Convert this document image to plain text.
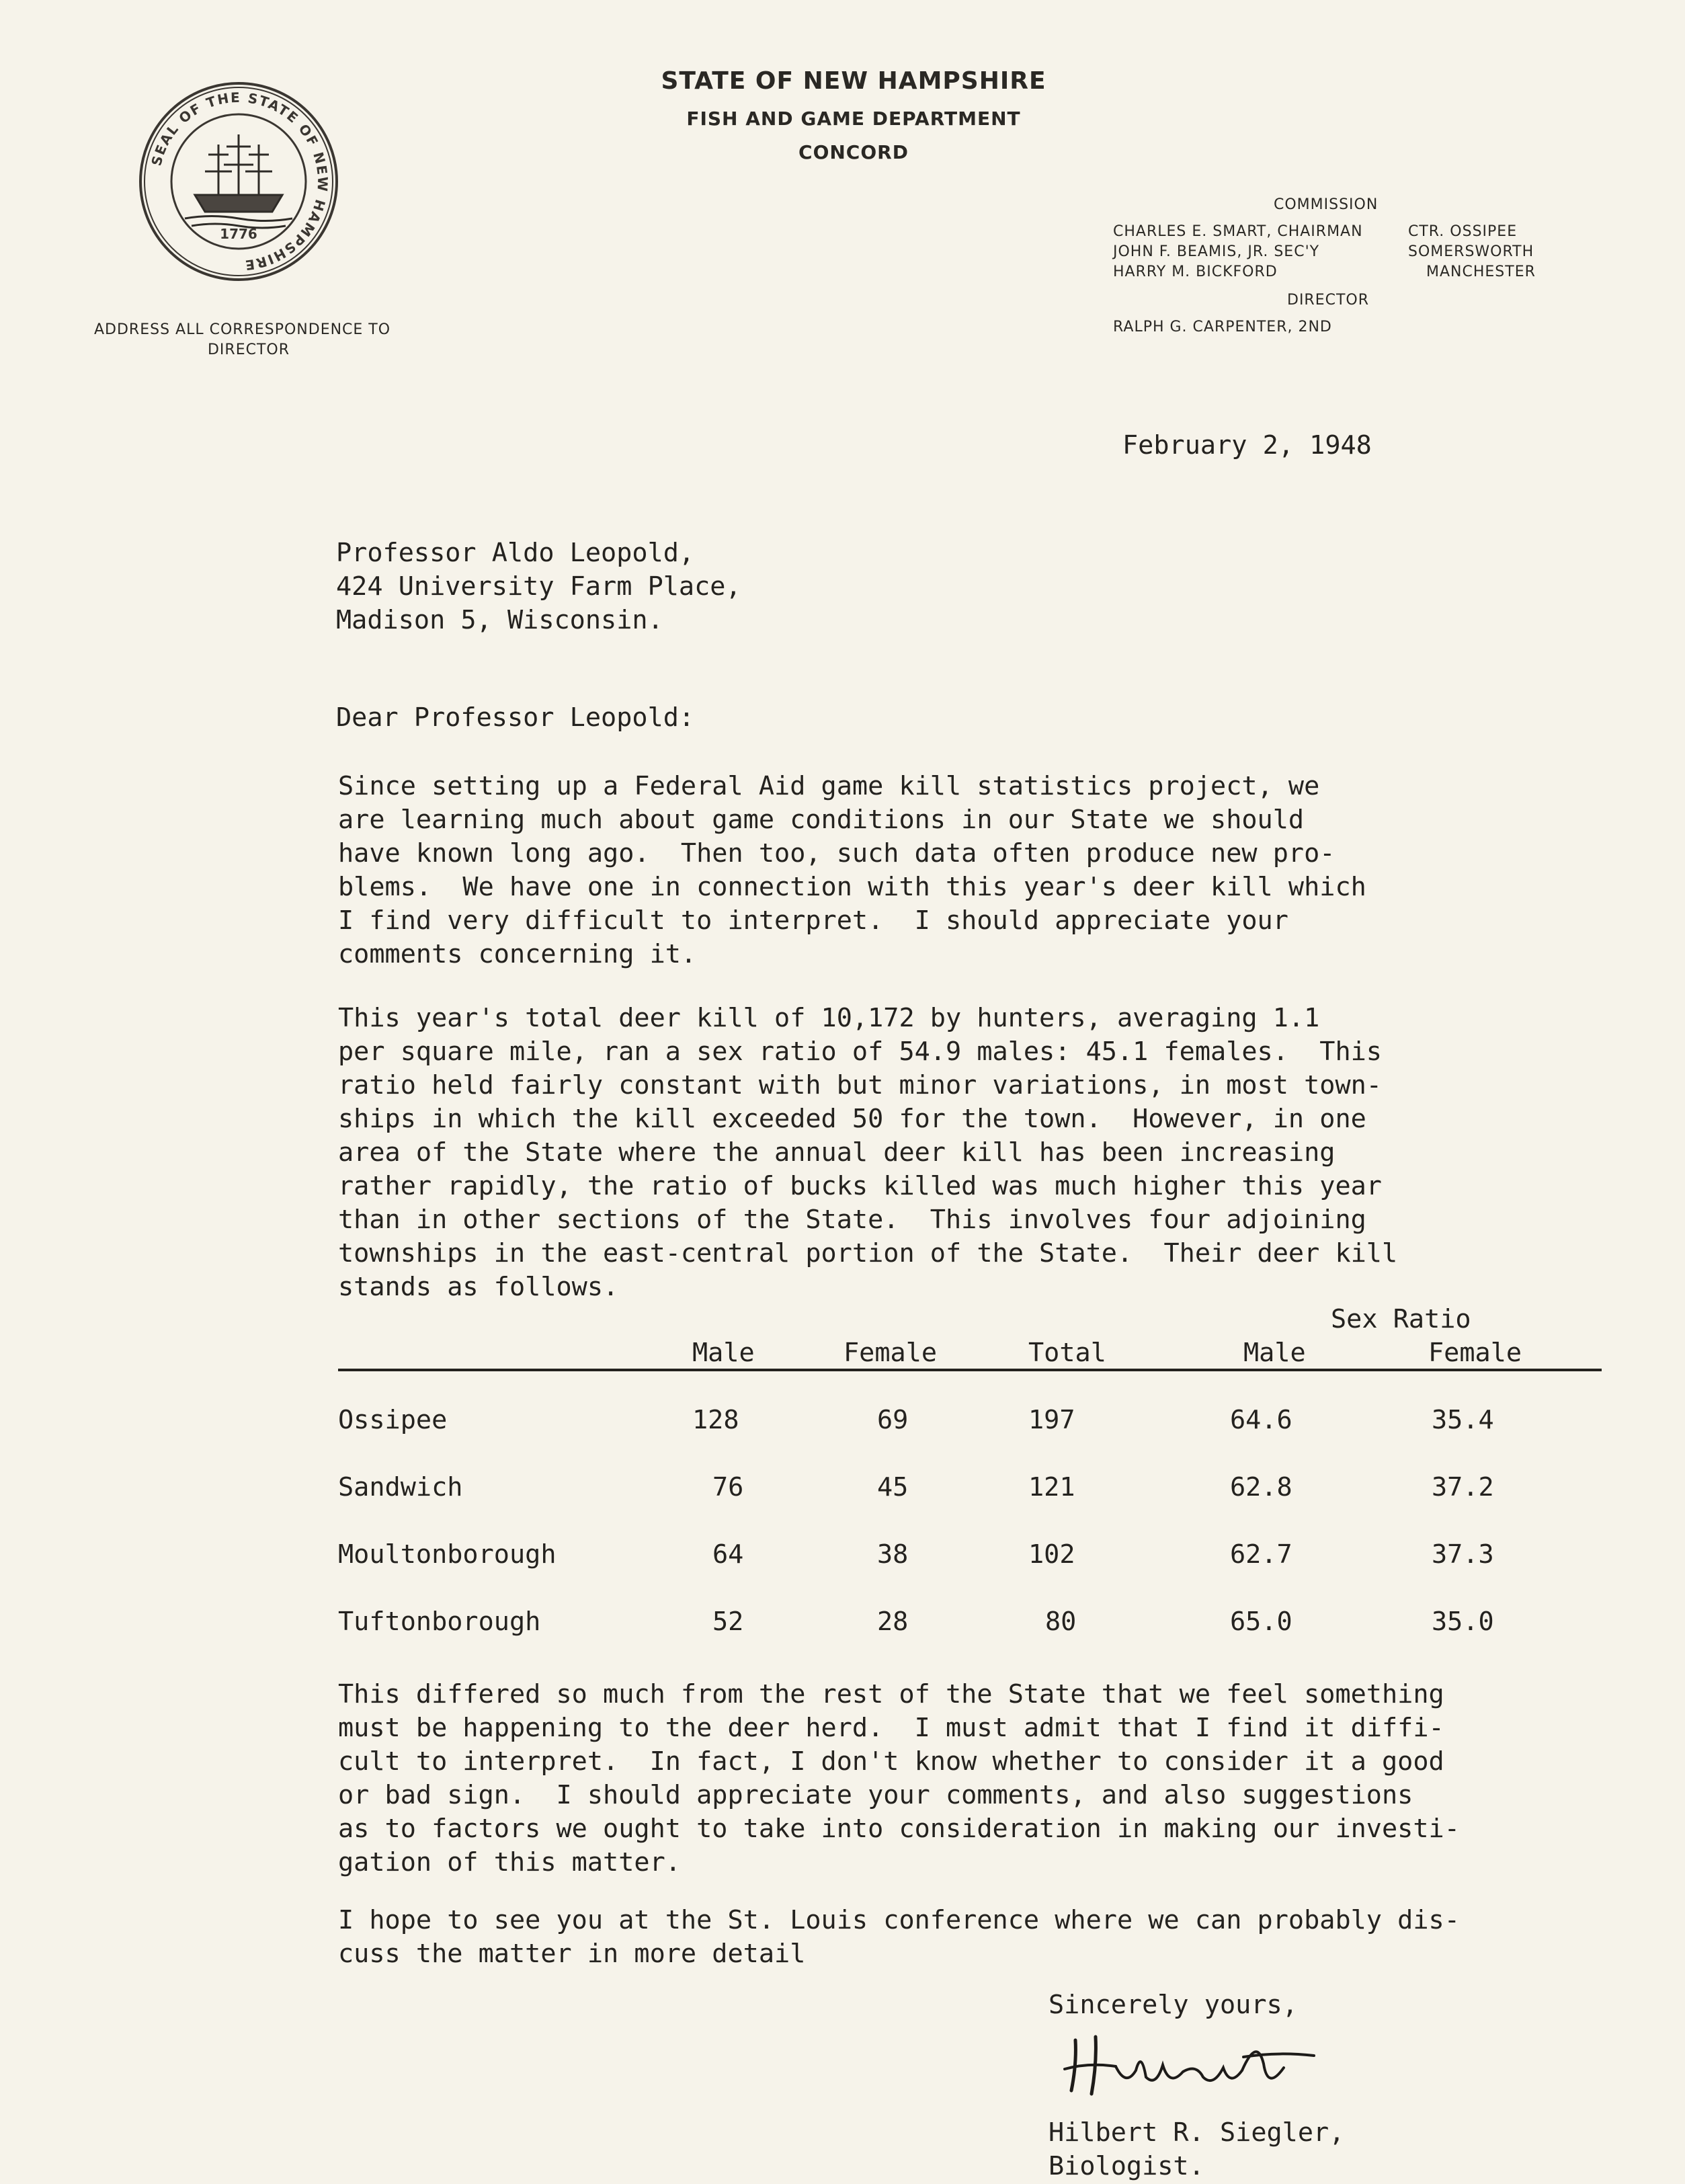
SEAL OF THE STATE OF NEW HAMPSHIRE
1776
STATE OF NEW HAMPSHIRE
FISH AND GAME DEPARTMENT
CONCORD
ADDRESS ALL CORRESPONDENCE TO
DIRECTOR
COMMISSION
CHARLES E. SMART, CHAIRMAN	CTR. OSSIPEE
JOHN F. BEAMIS, JR. SEC'Y	SOMERSWORTH
HARRY M. BICKFORD	MANCHESTER
DIRECTOR
RALPH G. CARPENTER, 2ND
February 2, 1948
Professor Aldo Leopold,
424 University Farm Place,
Madison 5, Wisconsin.
Dear Professor Leopold:
Since setting up a Federal Aid game kill statistics project, we
are learning much about game conditions in our State we should
have known long ago.  Then too, such data often produce new pro-
blems.  We have one in connection with this year's deer kill which
I find very difficult to interpret.  I should appreciate your
comments concerning it.
This year's total deer kill of 10,172 by hunters, averaging 1.1
per square mile, ran a sex ratio of 54.9 males: 45.1 females.  This
ratio held fairly constant with but minor variations, in most town-
ships in which the kill exceeded 50 for the town.  However, in one
area of the State where the annual deer kill has been increasing
rather rapidly, the ratio of bucks killed was much higher this year
than in other sections of the State.  This involves four adjoining
townships in the east-central portion of the State.  Their deer kill
stands as follows.
Sex Ratio
Male	Female	Total	Male	Female
Ossipee	128	69	197	64.6	35.4
Sandwich	76	45	121	62.8	37.2
Moultonborough	64	38	102	62.7	37.3
Tuftonborough	52	28	80	65.0	35.0
This differed so much from the rest of the State that we feel something
must be happening to the deer herd.  I must admit that I find it diffi-
cult to interpret.  In fact, I don't know whether to consider it a good
or bad sign.  I should appreciate your comments, and also suggestions
as to factors we ought to take into consideration in making our investi-
gation of this matter.
I hope to see you at the St. Louis conference where we can probably dis-
cuss the matter in more detail
Sincerely yours,
Hilbert R. Siegler,
Biologist.
